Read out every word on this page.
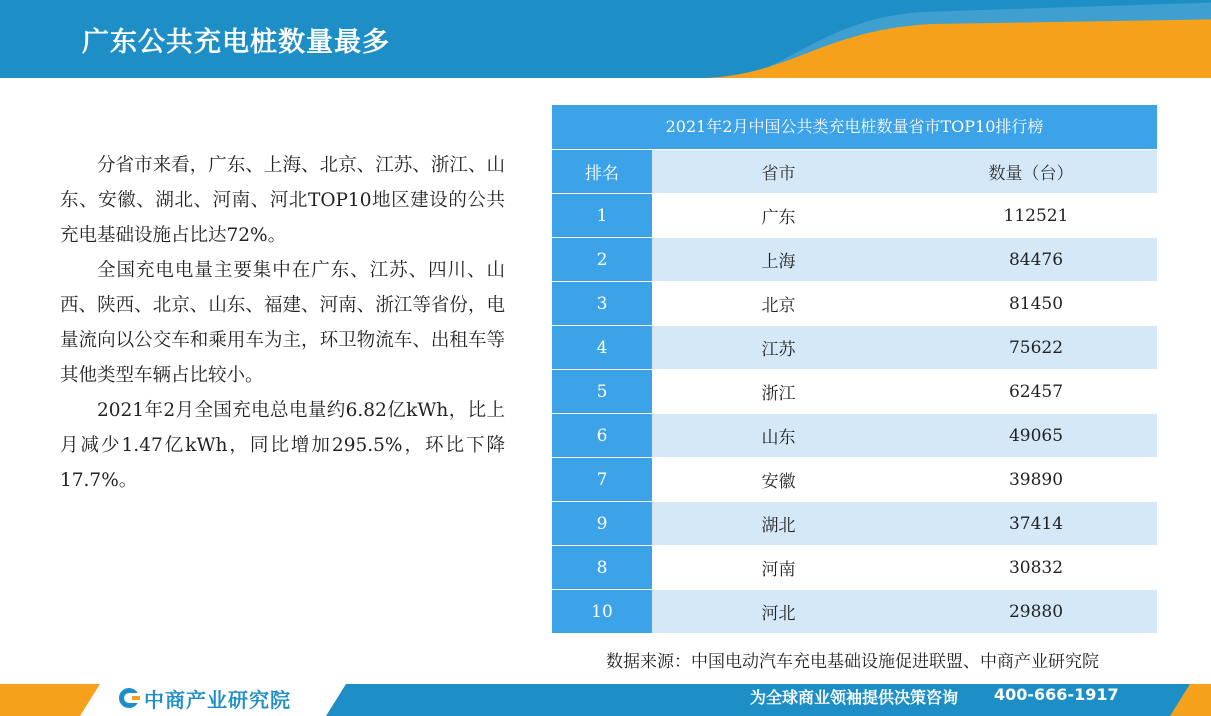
广东公共充电桩数量最多

分省市来看，广东、上海、北京、江苏、浙江、山东、安徽、湖北、河南、河北TOP10地区建设的公共充电基础设施占比达72%。

全国充电电量主要集中在广东、江苏、四川、山西、陕西、北京、山东、福建、河南、浙江等省份，电量流向以公交车和乘用车为主，环卫物流车、出租车等其他类型车辆占比较小。

2021年2月全国充电总电量约6.82亿kWh，比上月减少1.47亿kWh，同比增加295.5%，环比下降17.7%。

2021年2月中国公共类充电桩数量省市TOP10排行榜
排名	省市	数量（台）
1	广东	112521
2	上海	84476
3	北京	81450
4	江苏	75622
5	浙江	62457
6	山东	49065
7	安徽	39890
9	湖北	37414
8	河南	30832
10	河北	29880
数据来源：中国电动汽车充电基础设施促进联盟、中商产业研究院
中商产业研究院	为全球商业领袖提供决策咨询 400-666-1917
